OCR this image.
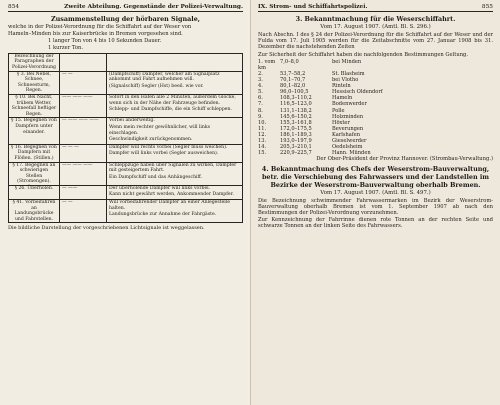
854	Zweite Abteilung. Gegenstände der Polizei-Verwaltung.
Zusammenstellung der hörbaren Signale,

welche in der Polizei-Verordnung für die Schiffahrt auf der Weser von

Hameln–Minden bis zur Kaiserbrücke in Bremen vorgesehen sind.

1 langer Ton von 4 bis 10 Sekunden Dauer.
1 kurzer Ton.
Bezeichnung der Paragraphen der Polizei-Verordnung		
§ 3. Bei Nebel, Schnee, Schneesturm, Regen.	— —	(Dampfschiff) Dampfer, welcher am Signalplatz ankommt und Fahrt aufnehmen will.
(Signalschiff) Segler (Hst) beeil. wie vor.

§ 10. Bei Nacht, trübem Wetter, Schneefall heftiger Regen.	—— —— ——	Sofort in den Hafen alle 2 Minuten, außerdem Glocke, wenn sich in der Nähe der Fahrzeuge befinden.
Schlepp- und Dampfschiffe, die ein Schiff schleppen.

§ 15. Begegnen von Dampfern unter einander.	— —— —— ——	Vorbei anderweitig.
Wenn mein rechter gewöhnlicher, will links einschlagen.
Geschwindigkeit zurückgenommen.

§ 16. Begegnen von Dampfern mit Flößen. (Stillen.)	— — —	Dampfer will rechts vorbei (Segler muss weichen).
Dampfer will links vorbei (Segler ausweichen).

§ 17. Begegnen an schwierigen Stellen (Stromengen).	—— —— ——	Schleppzüge haben über Signalen zu wirken, Dampfer mit gesteigertem Fahrt.
Ein Dampfschiff und das Anhängeschiff.

§ 26. Überholen.	— ——	Der überholende Dampfer will links vorbei.
Kann nicht gewährt werden, Ankommender Dampfer.

§ 41. Vorbeifahren an Landungsbrücke und Fahrstellen.	— —	Will vorbeifahrender Dampfer an einer Anlegestelle halten.
Landungsbrücke zur Annahme der Fahrgäste.
Die bildliche Darstellung der vorgeschriebenen Lichtsignale ist weggelassen.
IX. Strom- und Schiffahrtspolizei.	855
3. Bekanntmachung für die Weserschiffahrt.
Vom 17. August 1907. (Amtl. Bl. S. 296.)

Nach Abschn. I des § 24 der Polizei-Verordnung für die Schiffahrt auf der Weser und der Fulda vom 17. Juli 1905 werden für die Zeitabschnitte vom 27. Januar 1908 bis 31. Dezember die nachstehenden Zeiten

Zur Sicherheit der Schiffahrt haben die nachfolgenden Bestimmungen Geltung.

1. vom km
7,0–8,0	bei Minden
2.	53,7–58,2	St. Blasheim
3.	70,1–70,7	bei Vlotho
4.	80,1–82,0	Rinteln
5.	96,0–100,5	Hessisch Oldendorf
6.	108,3–110,2	Hameln
7.	116,5–123,0	Bodenwerder
8.	131,1–138,2	Polle
9.	145,6–150,2	Holzminden
10.	155,3–161,8	Höxter
11.	172,0–175,5	Beverungen
12.	186,1–189,3	Karlshafen
13.	193,0–197,9	Gieselwerder
14.	205,3–210,1	Oedelsheim
15.	220,9–225,7	Hann. Münden

Der Ober-Präsident der Provinz Hannover. (Strombau-Verwaltung.)

4. Bekanntmachung des Chefs der Weserstrom-Bauverwaltung, betr. die Verschiebung des Fahrwassers und der Landstellen im Bezirke der Weserstrom-Bauverwaltung oberhalb Bremen.
Vom 17. August 1907. (Amtl. Bl. S. 497.)

Die Bezeichnung schwimmender Fahrwassermarken im Bezirk der Weserstrom-Bauverwaltung oberhalb Bremen ist vom 1. September 1907 ab nach den Bestimmungen der Polizei-Verordnung vorzunehmen.

Zur Kennzeichnung der Fahrrinne dienen rote Tonnen an der rechten Seite und schwarze Tonnen an der linken Seite des Fahrwassers.
